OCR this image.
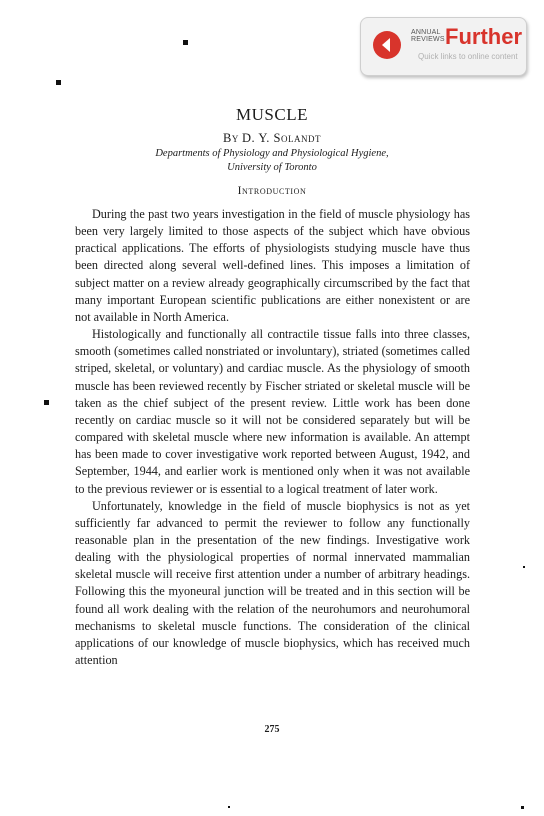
ANNUAL
REVIEWS Further
Quick links to online content
MUSCLE
By D. Y. Solandt
Departments of Physiology and Physiological Hygiene,
University of Toronto
Introduction

During the past two years investigation in the field of muscle physiology has been very largely limited to those aspects of the subject which have obvious practical applications. The efforts of physiologists studying muscle have thus been directed along several well-defined lines. This imposes a limitation of subject matter on a review already geographically circumscribed by the fact that many important European scientific publications are either nonexistent or are not available in North America.

Histologically and functionally all contractile tissue falls into three classes, smooth (sometimes called nonstriated or involuntary), striated (sometimes called striped, skeletal, or voluntary) and cardiac muscle. As the physiology of smooth muscle has been reviewed recently by Fischer striated or skeletal muscle will be taken as the chief subject of the present review. Little work has been done recently on cardiac muscle so it will not be considered separately but will be compared with skeletal muscle where new information is available. An attempt has been made to cover investigative work reported between August, 1942, and September, 1944, and earlier work is mentioned only when it was not available to the previous reviewer or is essential to a logical treatment of later work.

Unfortunately, knowledge in the field of muscle biophysics is not as yet sufficiently far advanced to permit the reviewer to follow any functionally reasonable plan in the presentation of the new findings. Investigative work dealing with the physiological properties of normal innervated mammalian skeletal muscle will receive first attention under a number of arbitrary headings. Following this the myoneural junction will be treated and in this section will be found all work dealing with the relation of the neurohumors and neurohumoral mechanisms to skeletal muscle functions. The consideration of the clinical applications of our knowledge of muscle biophysics, which has received much attention

275
